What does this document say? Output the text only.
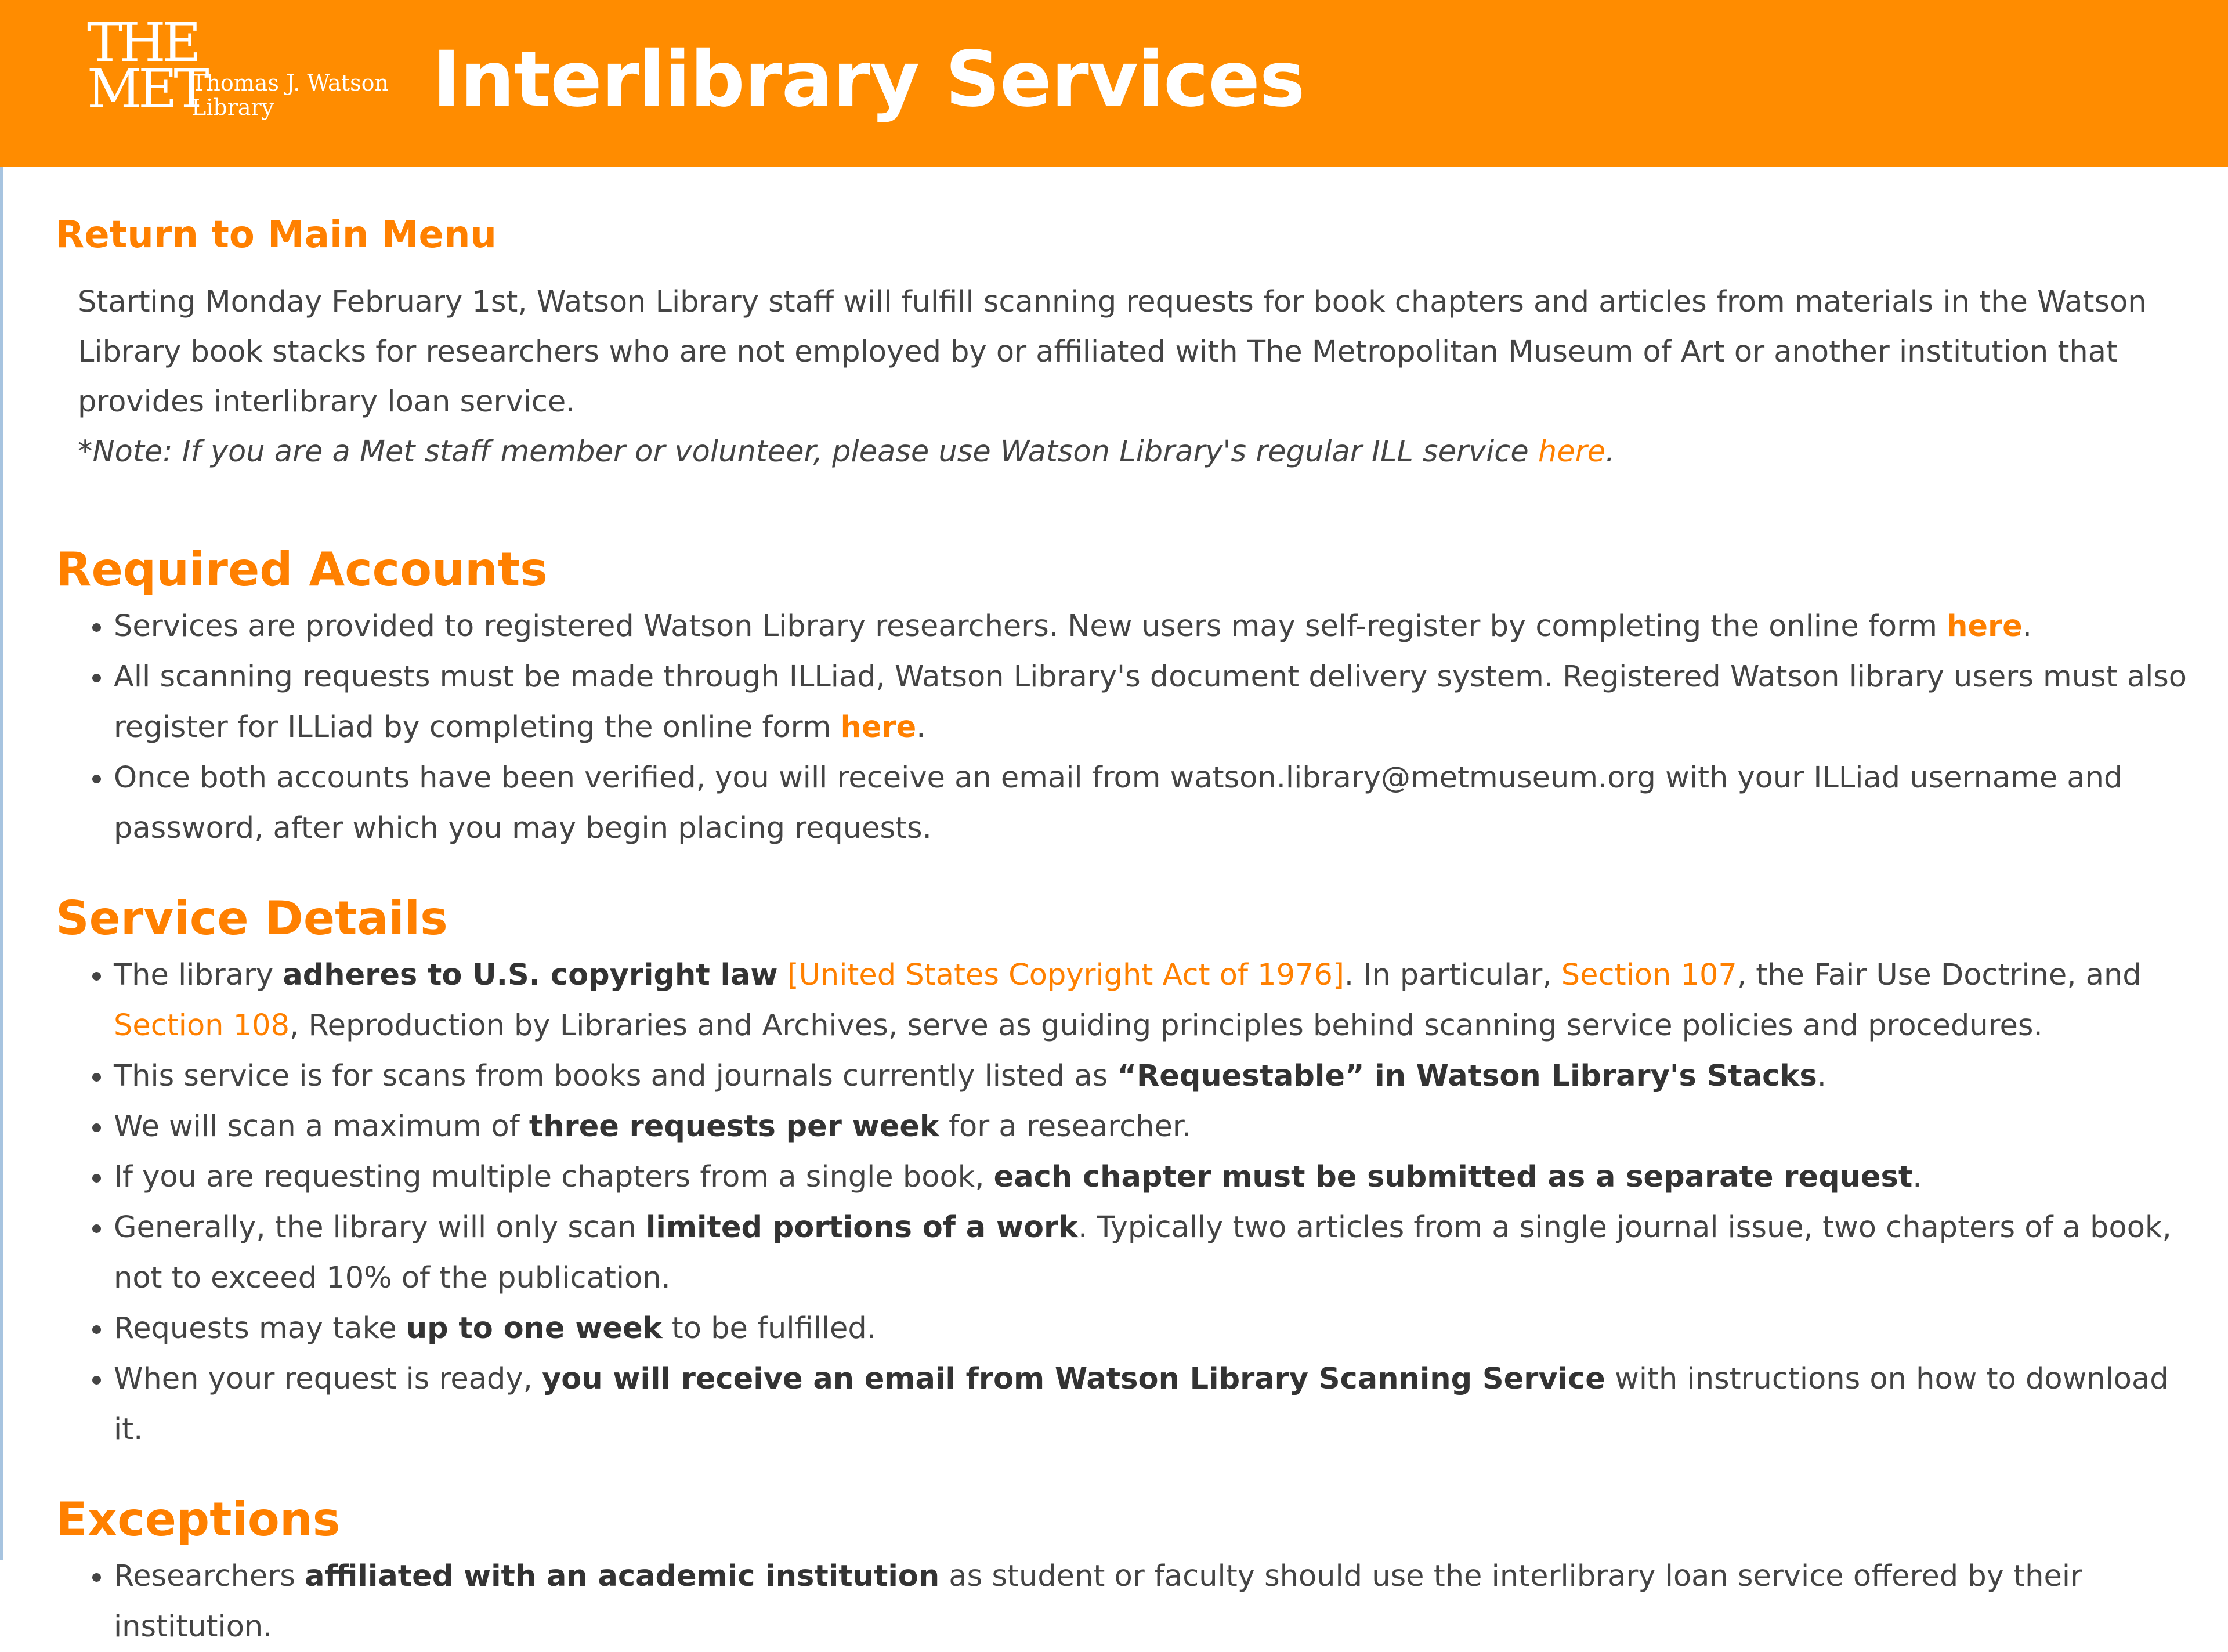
THE
MET
Thomas J. Watson
Library	Interlibrary Services
Return to Main Menu

Starting Monday February 1st, Watson Library staff will fulfill scanning requests for book chapters and articles from materials in the Watson Library book stacks for researchers who are not employed by or affiliated with The Metropolitan Museum of Art or another institution that provides interlibrary loan service.

*Note: If you are a Met staff member or volunteer, please use Watson Library's regular ILL service here.

Required Accounts
• Services are provided to registered Watson Library researchers. New users may self-register by completing the online form here.
• All scanning requests must be made through ILLiad, Watson Library's document delivery system. Registered Watson library users must also register for ILLiad by completing the online form here.
• Once both accounts have been verified, you will receive an email from watson.library@metmuseum.org with your ILLiad username and password, after which you may begin placing requests.
Service Details
• The library adheres to U.S. copyright law [United States Copyright Act of 1976]. In particular, Section 107, the Fair Use Doctrine, and Section 108, Reproduction by Libraries and Archives, serve as guiding principles behind scanning service policies and procedures.
• This service is for scans from books and journals currently listed as “Requestable” in Watson Library's Stacks.
• We will scan a maximum of three requests per week for a researcher.
• If you are requesting multiple chapters from a single book, each chapter must be submitted as a separate request.
• Generally, the library will only scan limited portions of a work. Typically two articles from a single journal issue, two chapters of a book, not to exceed 10% of the publication.
• Requests may take up to one week to be fulfilled.
• When your request is ready, you will receive an email from Watson Library Scanning Service with instructions on how to download it.
Exceptions
• Researchers affiliated with an academic institution as student or faculty should use the interlibrary loan service offered by their institution.
